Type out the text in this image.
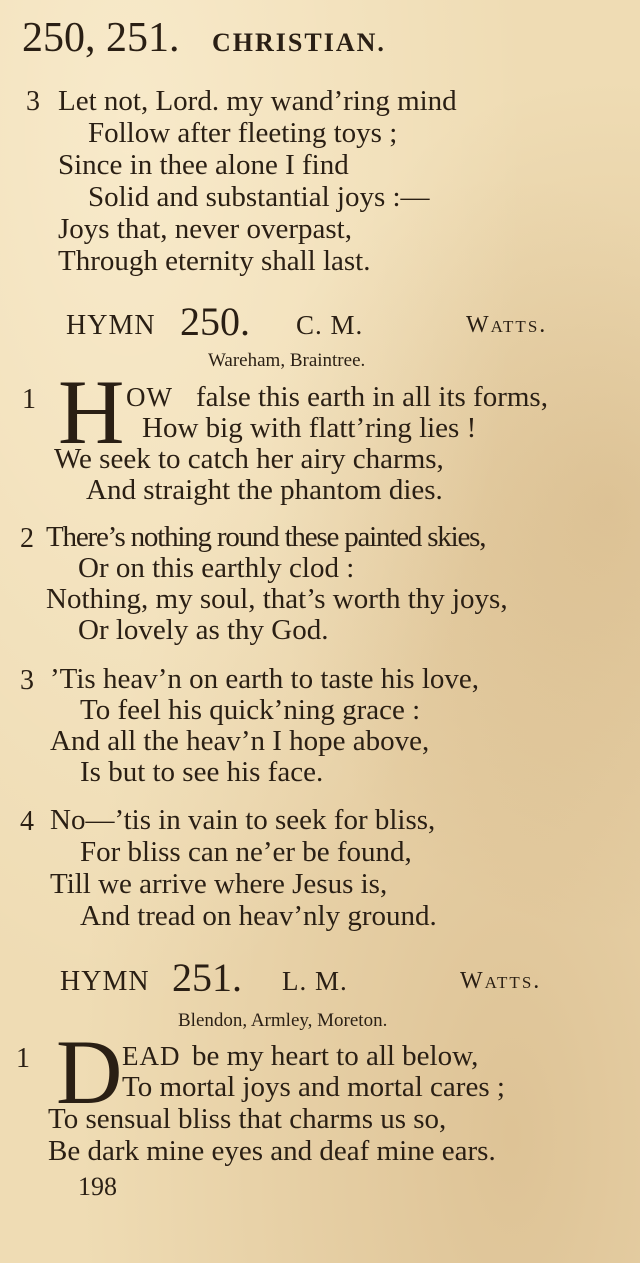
250, 251. CHRISTIAN.
3 Let not, Lord. my wand’ring mind
Follow after fleeting toys ;
Since in thee alone I find
Solid and substantial joys :—
Joys that, never overpast,
Through eternity shall last.
HYMN 250. C. M.	Watts.
Wareham, Braintree.
1 H OW false this earth in all its forms,
How big with flatt’ring lies !
We seek to catch her airy charms,
And straight the phantom dies.
2 There’s nothing round these painted skies,
Or on this earthly clod :
Nothing, my soul, that’s worth thy joys,
Or lovely as thy God.
3 ’Tis heav’n on earth to taste his love,
To feel his quick’ning grace :
And all the heav’n I hope above,
Is but to see his face.
4 No—’tis in vain to seek for bliss,
For bliss can ne’er be found,
Till we arrive where Jesus is,
And tread on heav’nly ground.
HYMN 251. L. M.	Watts.
Blendon, Armley, Moreton.
1 D EAD be my heart to all below,
To mortal joys and mortal cares ;
To sensual bliss that charms us so,
Be dark mine eyes and deaf mine ears.
198
